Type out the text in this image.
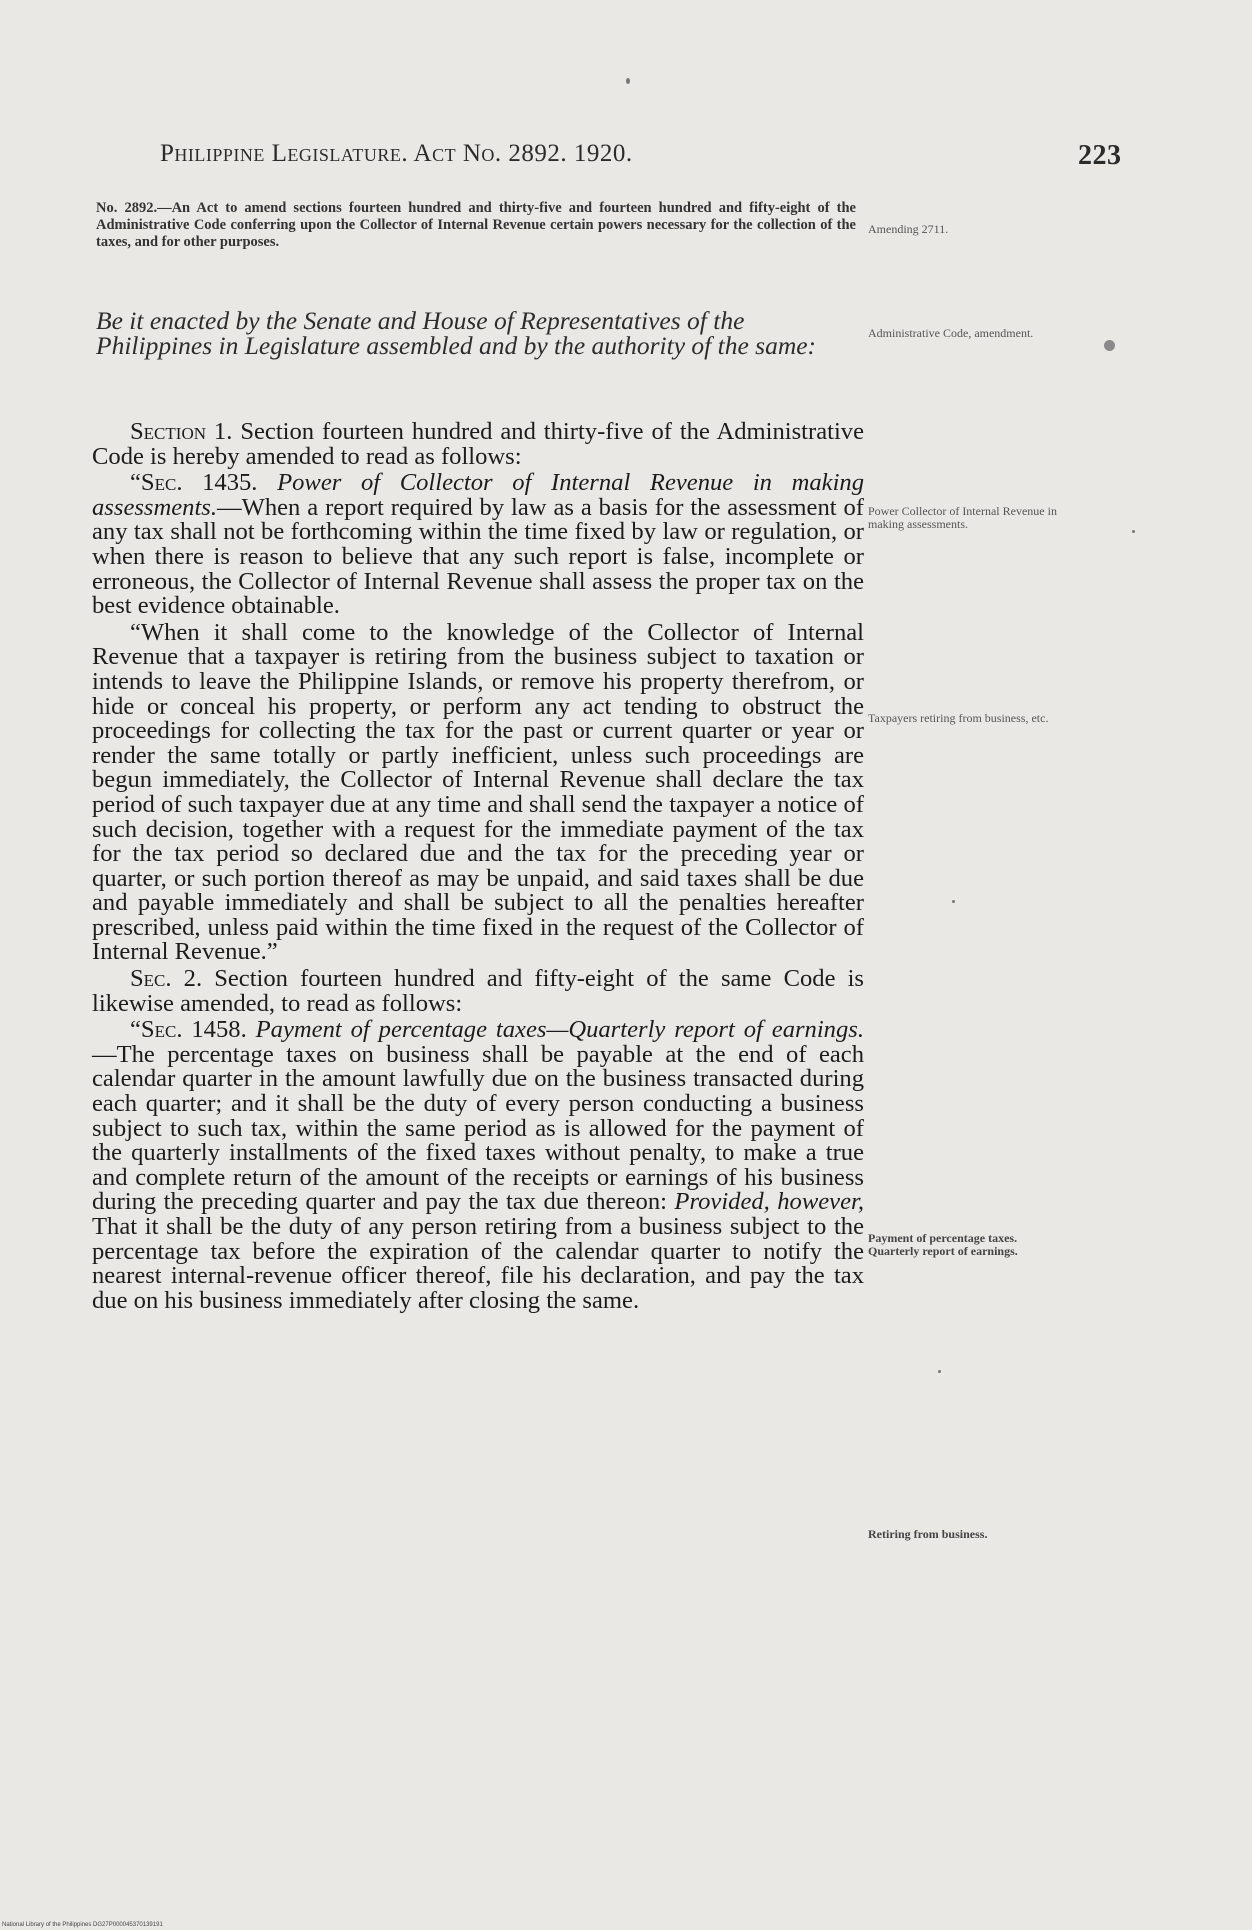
Philippine Legislature. Act No. 2892. 1920.	223
No. 2892.—An Act to amend sections fourteen hundred and thirty-five and fourteen hundred and fifty-eight of the Administrative Code conferring upon the Collector of Internal Revenue certain powers necessary for the collection of the taxes, and for other purposes.
Be it enacted by the Senate and House of Representatives of the Philippines in Legislature assembled and by the authority of the same:

Section 1. Section fourteen hundred and thirty-five of the Administrative Code is hereby amended to read as follows:

“Sec. 1435. Power of Collector of Internal Revenue in making assessments.—When a report required by law as a basis for the assessment of any tax shall not be forthcoming within the time fixed by law or regulation, or when there is reason to believe that any such report is false, incomplete or erroneous, the Collector of Internal Revenue shall assess the proper tax on the best evidence obtainable.

“When it shall come to the knowledge of the Collector of Internal Revenue that a taxpayer is retiring from the business subject to taxation or intends to leave the Philippine Islands, or remove his property therefrom, or hide or conceal his property, or perform any act tending to obstruct the proceedings for collecting the tax for the past or current quarter or year or render the same totally or partly inefficient, unless such proceedings are begun immediately, the Collector of Internal Revenue shall declare the tax period of such taxpayer due at any time and shall send the taxpayer a notice of such decision, together with a request for the immediate payment of the tax for the tax period so declared due and the tax for the preceding year or quarter, or such portion thereof as may be unpaid, and said taxes shall be due and payable immediately and shall be subject to all the penalties hereafter prescribed, unless paid within the time fixed in the request of the Collector of Internal Revenue.”

Sec. 2. Section fourteen hundred and fifty-eight of the same Code is likewise amended, to read as follows:

“Sec. 1458. Payment of percentage taxes—Quarterly report of earnings.—The percentage taxes on business shall be payable at the end of each calendar quarter in the amount lawfully due on the business transacted during each quarter; and it shall be the duty of every person conducting a business subject to such tax, within the same period as is allowed for the payment of the quarterly installments of the fixed taxes without penalty, to make a true and complete return of the amount of the receipts or earnings of his business during the preceding quarter and pay the tax due thereon: Provided, however, That it shall be the duty of any person retiring from a business subject to the percentage tax before the expiration of the calendar quarter to notify the nearest internal-revenue officer thereof, file his declaration, and pay the tax due on his business immediately after closing the same.

Amending 2711.
Administrative Code, amendment.
Power Collector of Internal Revenue in making assessments.
Taxpayers retiring from business, etc.
Payment of percentage taxes. Quarterly report of earnings.
Retiring from business.
National Library of the Philippines DG27P000045370139191
